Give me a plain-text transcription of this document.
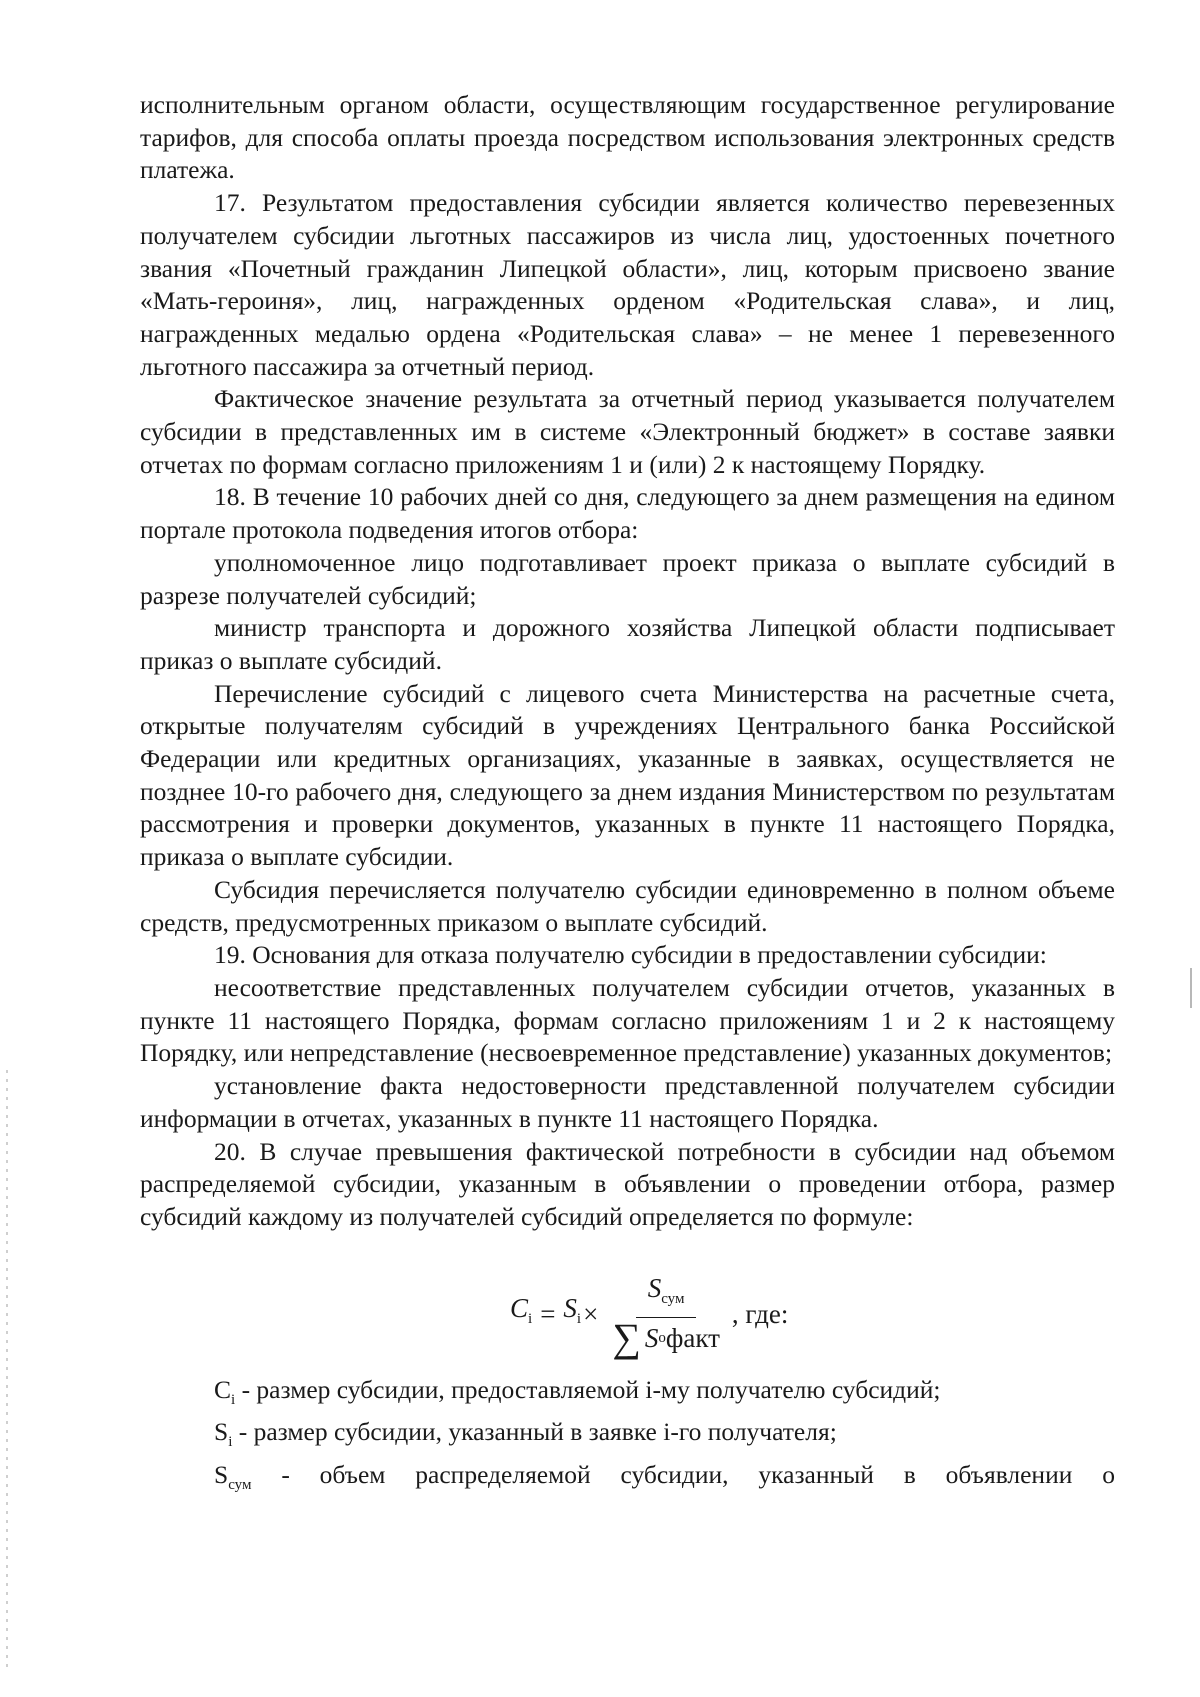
исполнительным органом области, осуществляющим государственное регулирование тарифов, для способа оплаты проезда посредством использования электронных средств платежа.

17. Результатом предоставления субсидии является количество перевезенных получателем субсидии льготных пассажиров из числа лиц, удостоенных почетного звания «Почетный гражданин Липецкой области», лиц, которым присвоено звание «Мать-героиня», лиц, награжденных орденом «Родительская слава», и лиц, награжденных медалью ордена «Родительская слава» – не менее 1 перевезенного льготного пассажира за отчетный период.

Фактическое значение результата за отчетный период указывается получателем субсидии в представленных им в системе «Электронный бюджет» в составе заявки отчетах по формам согласно приложениям 1 и (или) 2 к настоящему Порядку.

18. В течение 10 рабочих дней со дня, следующего за днем размещения на едином портале протокола подведения итогов отбора:

уполномоченное лицо подготавливает проект приказа о выплате субсидий в разрезе получателей субсидий;

министр транспорта и дорожного хозяйства Липецкой области подписывает приказ о выплате субсидий.

Перечисление субсидий с лицевого счета Министерства на расчетные счета, открытые получателям субсидий в учреждениях Центрального банка Российской Федерации или кредитных организациях, указанные в заявках, осуществляется не позднее 10-го рабочего дня, следующего за днем издания Министерством по результатам рассмотрения и проверки документов, указанных в пункте 11 настоящего Порядка, приказа о выплате субсидии.

Субсидия перечисляется получателю субсидии единовременно в полном объеме средств, предусмотренных приказом о выплате субсидий.

19. Основания для отказа получателю субсидии в предоставлении субсидии:

несоответствие представленных получателем субсидии отчетов, указанных в пункте 11 настоящего Порядка, формам согласно приложениям 1 и 2 к настоящему Порядку, или непредставление (несвоевременное представление) указанных документов;

установление факта недостоверности представленной получателем субсидии информации в отчетах, указанных в пункте 11 настоящего Порядка.

20. В случае превышения фактической потребности в субсидии над объемом распределяемой субсидии, указанным в объявлении о проведении отбора, размер субсидий каждому из получателей субсидий определяется по формуле:

$C_i = S_i \times \frac{S_{сум}}{\text{∑ S о факт}}$ , где:

$C_i$ - размер субсидии, предоставляемой i-му получателю субсидий;

$S_i$ - размер субсидии, указанный в заявке i-го получателя;

$S_{сум}$ - объем распределяемой субсидии, указанный в объявлении о
